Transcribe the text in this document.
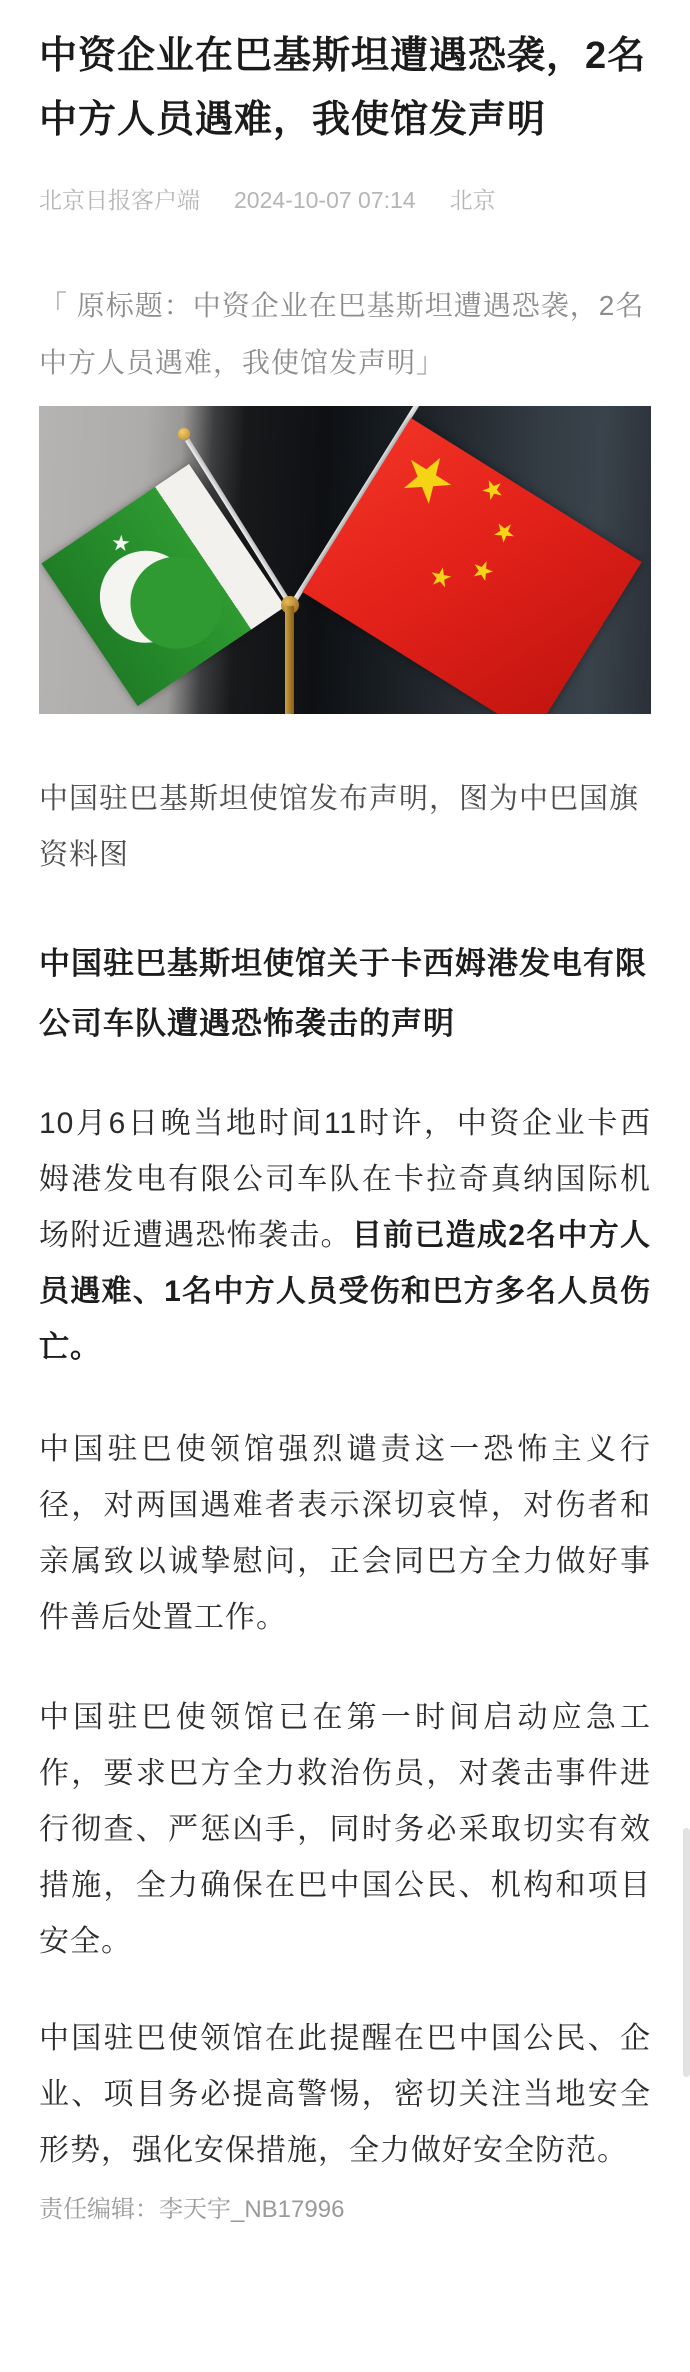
中资企业在巴基斯坦遭遇恐袭，2名中方人员遇难，我使馆发声明
北京日报客户端 2024-10-07 07:14 北京

「 原标题：中资企业在巴基斯坦遭遇恐袭，2名中方人员遇难，我使馆发声明」

★
★ ★
★
★
★

中国驻巴基斯坦使馆发布声明，图为中巴国旗 资料图

中国驻巴基斯坦使馆关于卡西姆港发电有限公司车队遭遇恐怖袭击的声明

10月6日晚当地时间11时许，中资企业卡西姆港发电有限公司车队在卡拉奇真纳国际机场附近遭遇恐怖袭击。目前已造成2名中方人员遇难、1名中方人员受伤和巴方多名人员伤亡。

中国驻巴使领馆强烈谴责这一恐怖主义行径，对两国遇难者表示深切哀悼，对伤者和亲属致以诚挚慰问，正会同巴方全力做好事件善后处置工作。

中国驻巴使领馆已在第一时间启动应急工作，要求巴方全力救治伤员，对袭击事件进行彻查、严惩凶手，同时务必采取切实有效措施，全力确保在巴中国公民、机构和项目安全。

中国驻巴使领馆在此提醒在巴中国公民、企业、项目务必提高警惕，密切关注当地安全形势，强化安保措施，全力做好安全防范。

责任编辑：李天宇_NB17996
